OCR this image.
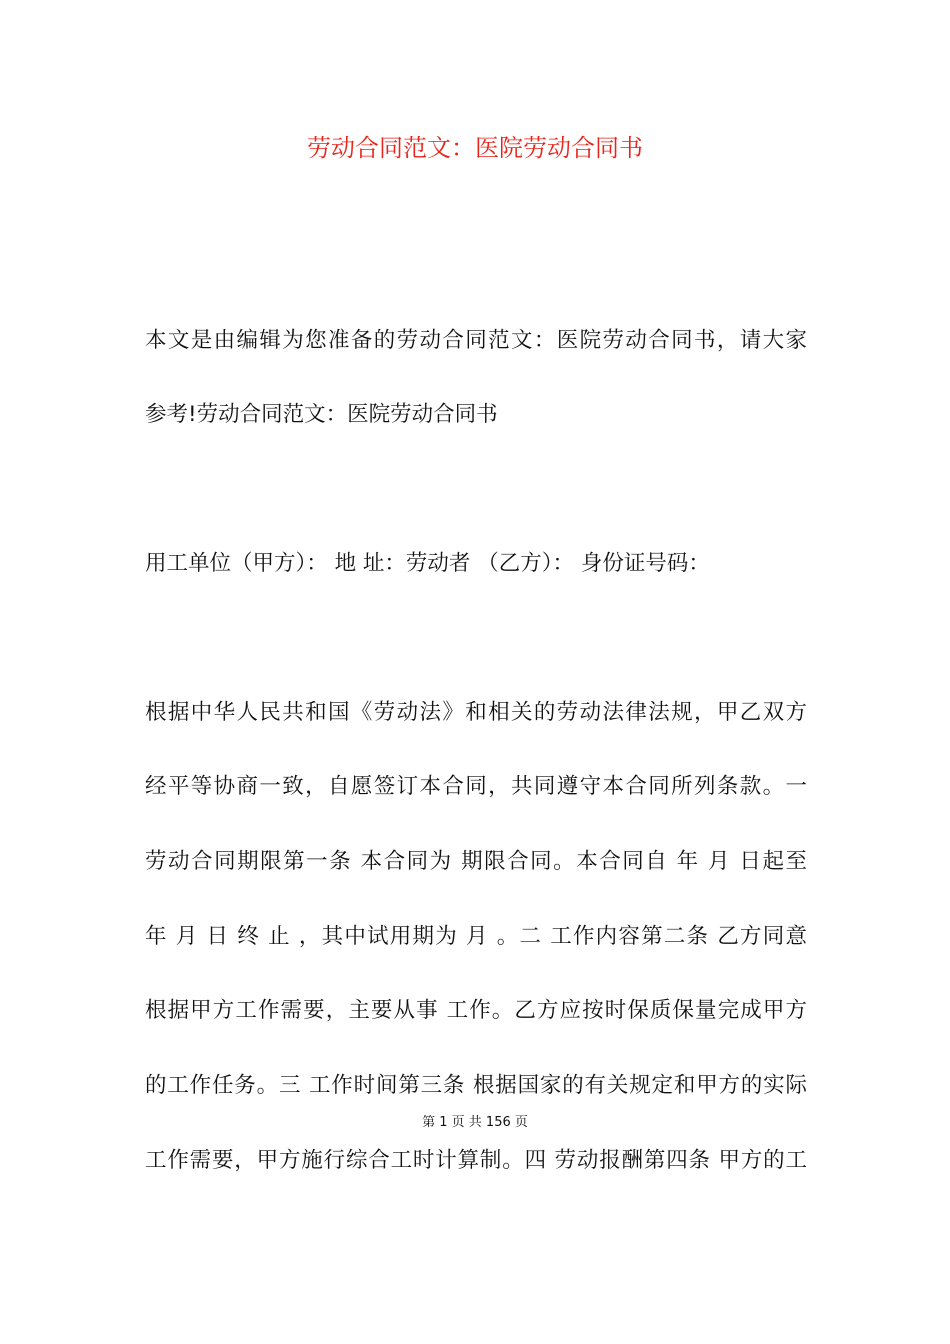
劳动合同范文：医院劳动合同书
本文是由编辑为您准备的劳动合同范文：医院劳动合同书，请大家
参考!劳动合同范文：医院劳动合同书
用工单位（甲方）： 地 址：劳动者 （乙方）： 身份证号码：
根据中华人民共和国《劳动法》和相关的劳动法律法规，甲乙双方
经平等协商一致，自愿签订本合同，共同遵守本合同所列条款。一
劳动合同期限第一条 本合同为 期限合同。本合同自 年 月 日起至
年 月 日 终 止 ，其中试用期为 月 。二 工作内容第二条 乙方同意
根据甲方工作需要，主要从事 工作。乙方应按时保质保量完成甲方
的工作任务。三 工作时间第三条 根据国家的有关规定和甲方的实际
第 1 页 共 156 页
工作需要，甲方施行综合工时计算制。四 劳动报酬第四条 甲方的工
